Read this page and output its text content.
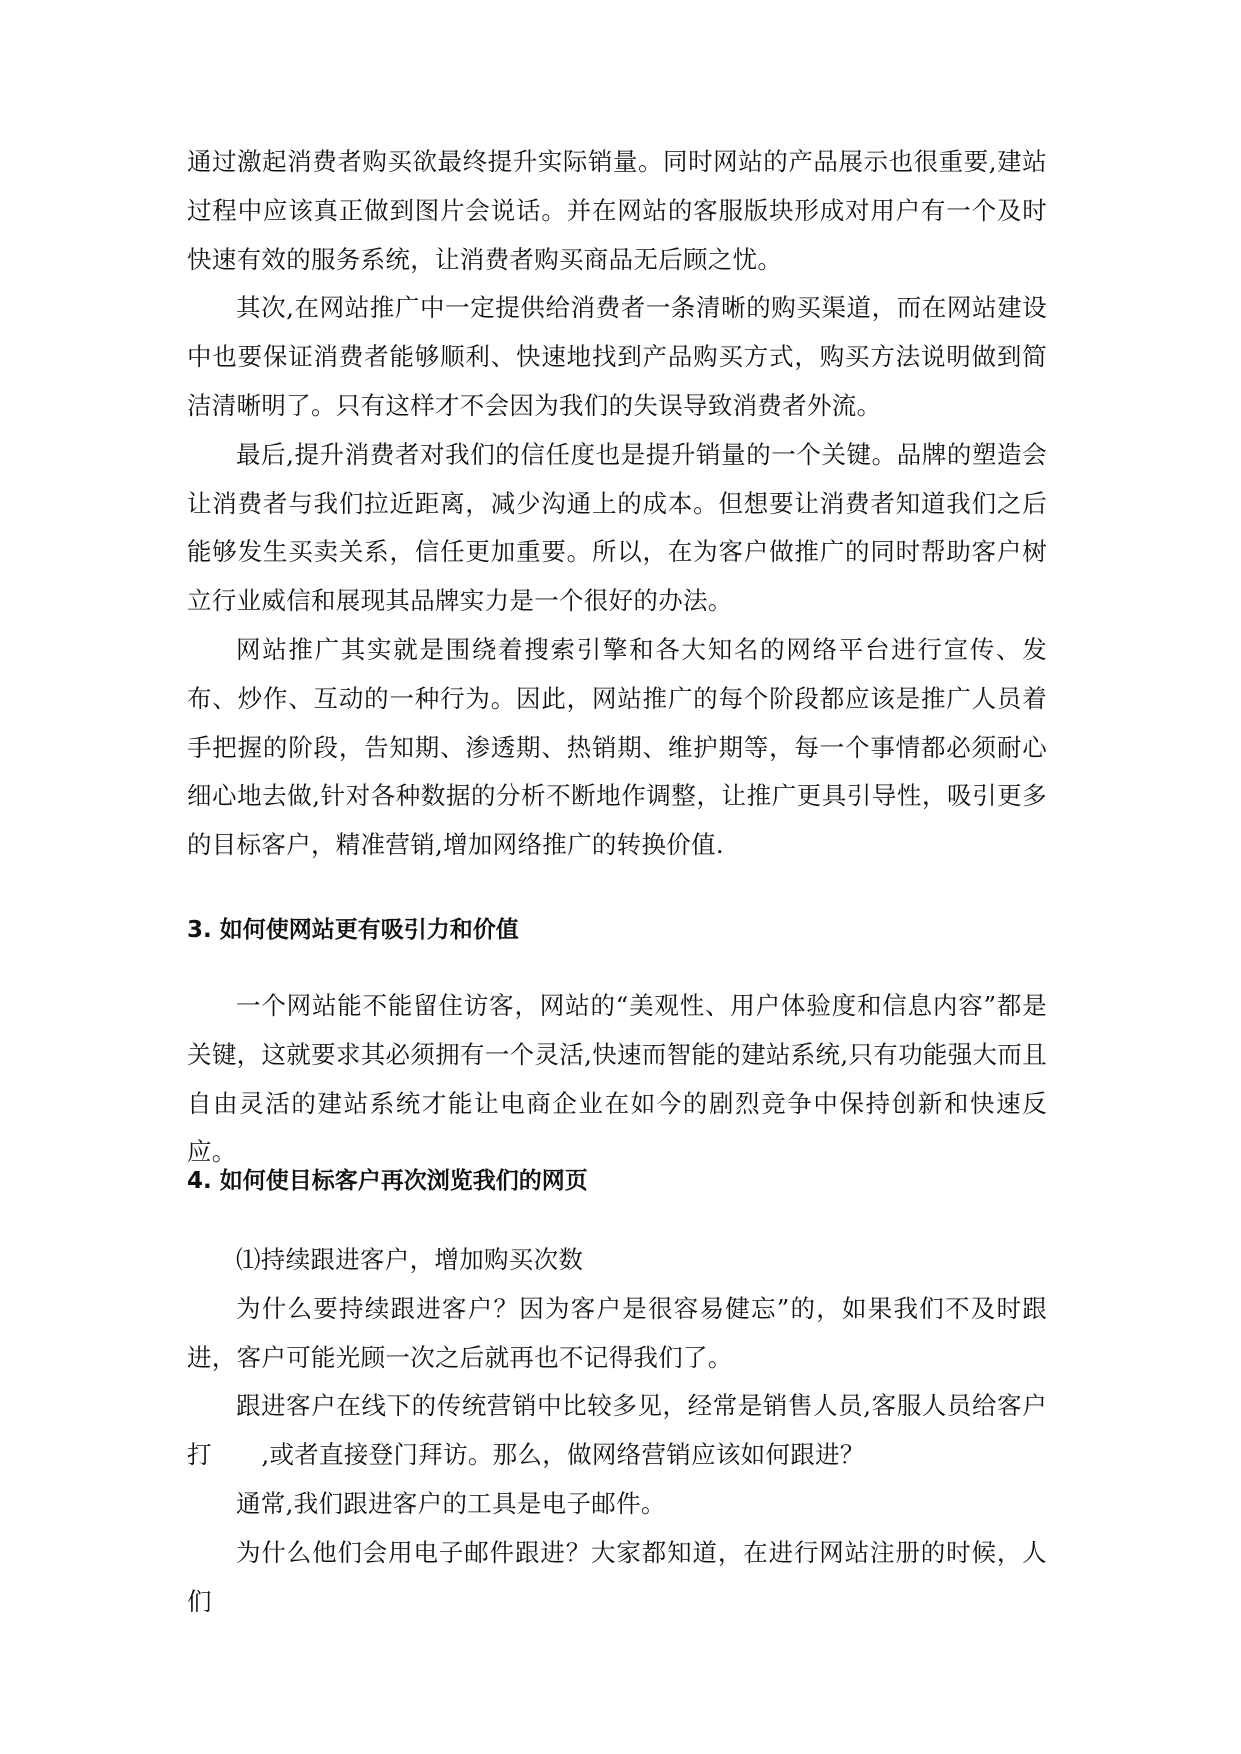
通过激起消费者购买欲最终提升实际销量。同时网站的产品展示也很重要,建站过程中应该真正做到图片会说话。并在网站的客服版块形成对用户有一个及时快速有效的服务系统，让消费者购买商品无后顾之忧。

其次,在网站推广中一定提供给消费者一条清晰的购买渠道，而在网站建设中也要保证消费者能够顺利、快速地找到产品购买方式，购买方法说明做到简洁清晰明了。只有这样才不会因为我们的失误导致消费者外流。

最后,提升消费者对我们的信任度也是提升销量的一个关键。品牌的塑造会让消费者与我们拉近距离，减少沟通上的成本。但想要让消费者知道我们之后能够发生买卖关系，信任更加重要。所以，在为客户做推广的同时帮助客户树立行业威信和展现其品牌实力是一个很好的办法。

网站推广其实就是围绕着搜索引擎和各大知名的网络平台进行宣传、发布、炒作、互动的一种行为。因此，网站推广的每个阶段都应该是推广人员着手把握的阶段，告知期、渗透期、热销期、维护期等，每一个事情都必须耐心细心地去做,针对各种数据的分析不断地作调整，让推广更具引导性，吸引更多的目标客户，精准营销,增加网络推广的转换价值.

3. 如何使网站更有吸引力和价值

一个网站能不能留住访客，网站的“美观性、用户体验度和信息内容”都是关键，这就要求其必须拥有一个灵活,快速而智能的建站系统,只有功能强大而且自由灵活的建站系统才能让电商企业在如今的剧烈竞争中保持创新和快速反应。

4. 如何使目标客户再次浏览我们的网页

⑴持续跟进客户，增加购买次数

为什么要持续跟进客户？因为客户是很容易健忘”的，如果我们不及时跟进，客户可能光顾一次之后就再也不记得我们了。

跟进客户在线下的传统营销中比较多见，经常是销售人员,客服人员给客户打　　,或者直接登门拜访。那么，做网络营销应该如何跟进？

通常,我们跟进客户的工具是电子邮件。

为什么他们会用电子邮件跟进？大家都知道，在进行网站注册的时候，人们
